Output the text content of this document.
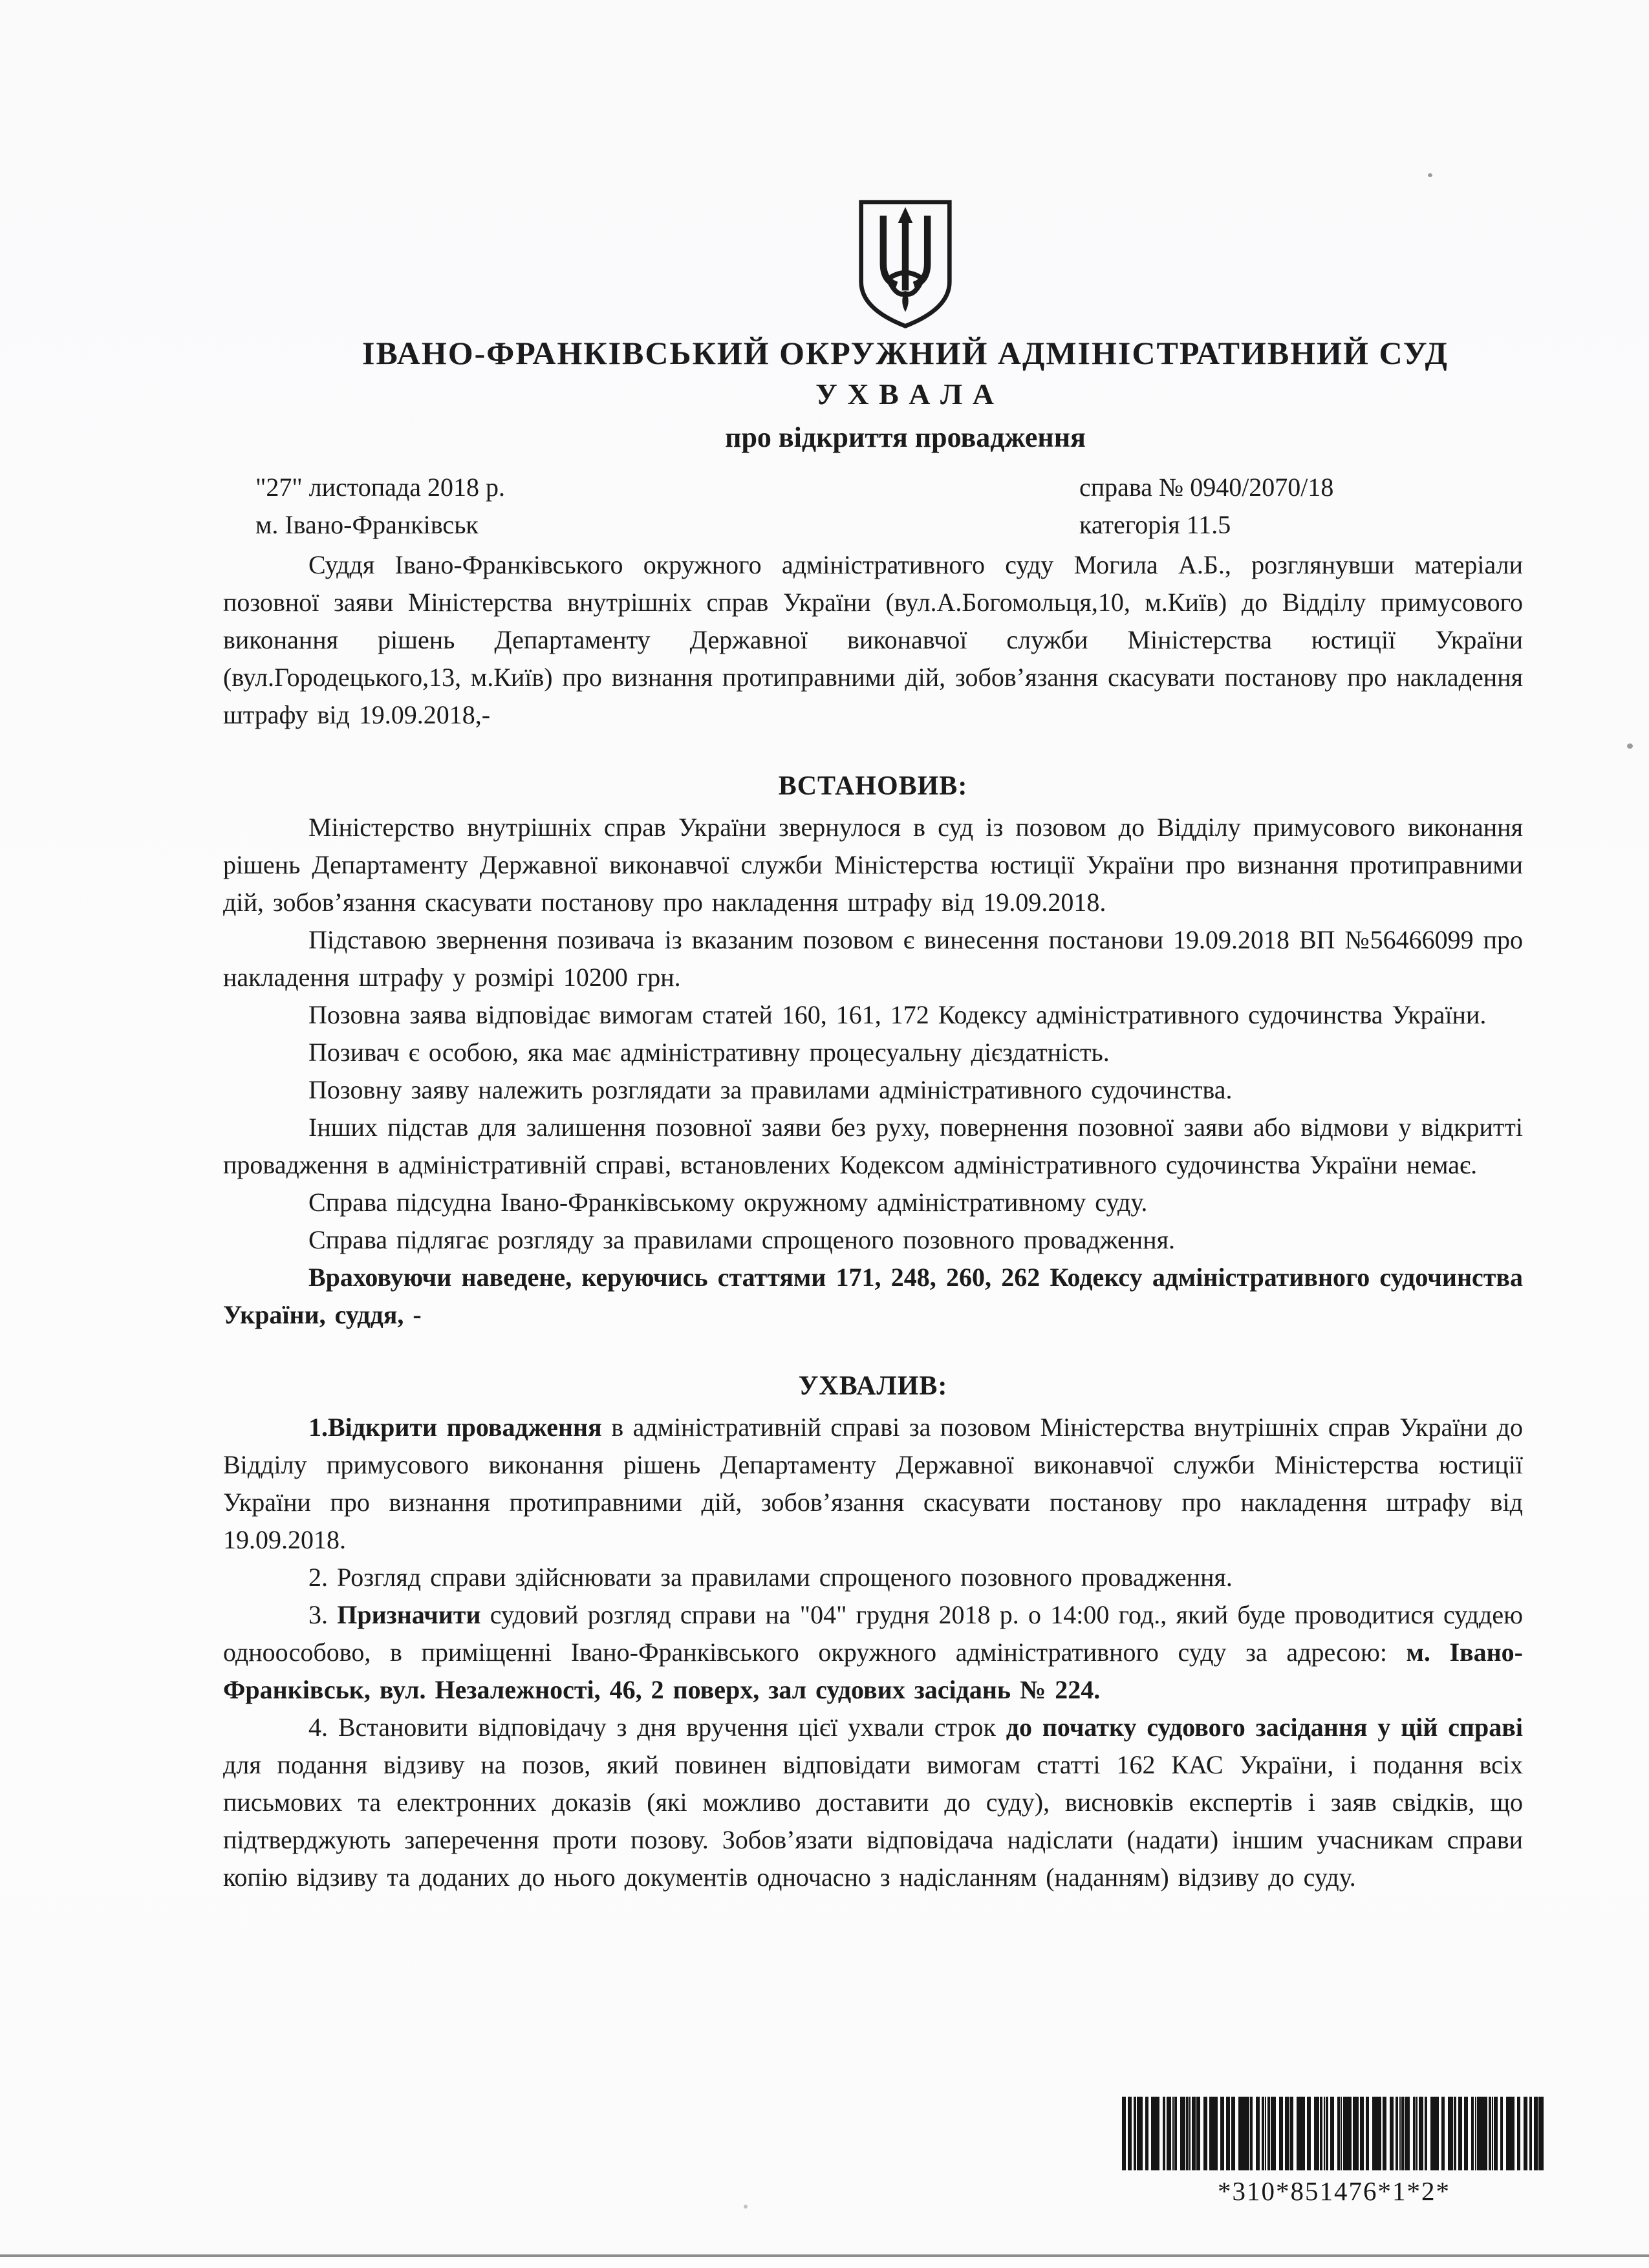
ІВАНО-ФРАНКІВСЬКИЙ ОКРУЖНИЙ АДМІНІСТРАТИВНИЙ СУД
У Х В А Л А
про відкриття провадження
"27" листопада 2018 р.	справа № 0940/2070/18
м. Івано-Франківськ	категорія 11.5

Суддя Івано-Франківського окружного адміністративного суду Могила А.Б., розглянувши матеріали позовної заяви Міністерства внутрішніх справ України (вул.А.Богомольця,10, м.Київ) до Відділу примусового виконання рішень Департаменту Державної виконавчої служби Міністерства юстиції України (вул.Городецького,13, м.Київ) про визнання протиправними дій, зобов’язання скасувати постанову про накладення штрафу від 19.09.2018,-

ВСТАНОВИВ:

Міністерство внутрішніх справ України звернулося в суд із позовом до Відділу примусового виконання рішень Департаменту Державної виконавчої служби Міністерства юстиції України про визнання протиправними дій, зобов’язання скасувати постанову про накладення штрафу від 19.09.2018.

Підставою звернення позивача із вказаним позовом є винесення постанови 19.09.2018 ВП №56466099 про накладення штрафу у розмірі 10200 грн.

Позовна заява відповідає вимогам статей 160, 161, 172 Кодексу адміністративного судочинства України.

Позивач є особою, яка має адміністративну процесуальну дієздатність.

Позовну заяву належить розглядати за правилами адміністративного судочинства.

Інших підстав для залишення позовної заяви без руху, повернення позовної заяви або відмови у відкритті провадження в адміністративній справі, встановлених Кодексом адміністративного судочинства України немає.

Справа підсудна Івано-Франківському окружному адміністративному суду.

Справа підлягає розгляду за правилами спрощеного позовного провадження.

Враховуючи наведене, керуючись статтями 171, 248, 260, 262 Кодексу адміністративного судочинства України, суддя, -

УХВАЛИВ:

1.Відкрити провадження в адміністративній справі за позовом Міністерства внутрішніх справ України до Відділу примусового виконання рішень Департаменту Державної виконавчої служби Міністерства юстиції України про визнання протиправними дій, зобов’язання скасувати постанову про накладення штрафу від 19.09.2018.

2. Розгляд справи здійснювати за правилами спрощеного позовного провадження.

3. Призначити судовий розгляд справи на "04" грудня 2018 р. о 14:00 год., який буде проводитися суддею одноособово, в приміщенні Івано-Франківського окружного адміністративного суду за адресою: м. Івано-Франківськ, вул. Незалежності, 46, 2 поверх, зал судових засідань № 224.

4. Встановити відповідачу з дня вручення цієї ухвали строк до початку судового засідання у цій справі для подання відзиву на позов, який повинен відповідати вимогам статті 162 КАС України, і подання всіх письмових та електронних доказів (які можливо доставити до суду), висновків експертів і заяв свідків, що підтверджують заперечення проти позову. Зобов’язати відповідача надіслати (надати) іншим учасникам справи копію відзиву та доданих до нього документів одночасно з надісланням (наданням) відзиву до суду.

*310*851476*1*2*
